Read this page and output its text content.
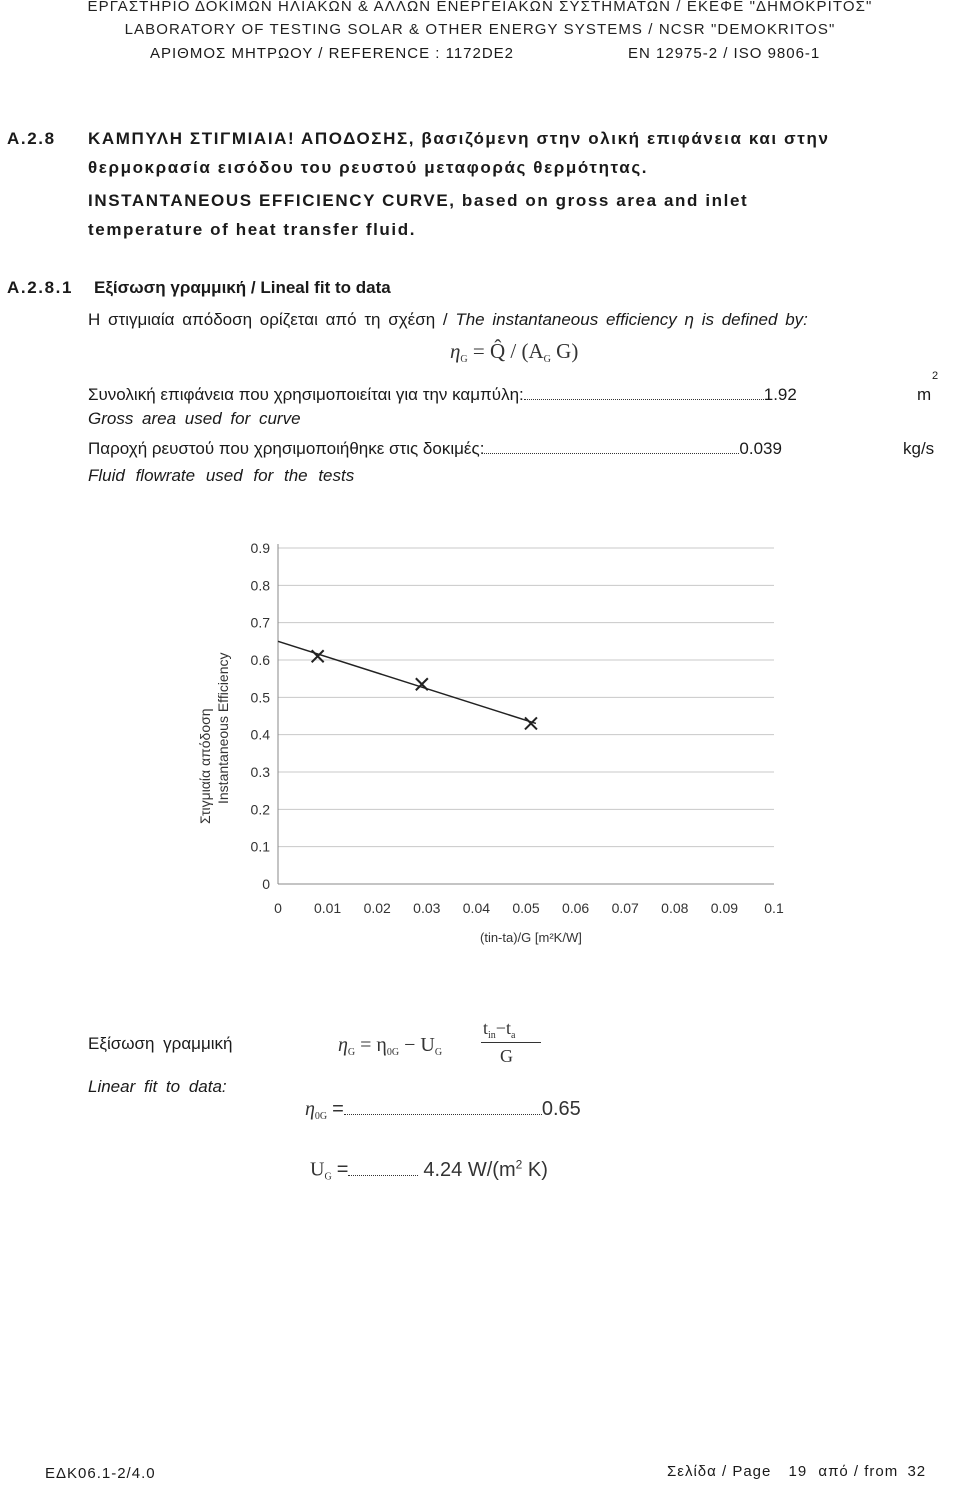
ΕΡΓΑΣΤΗΡΙΟ ΔΟΚΙΜΩΝ ΗΛΙΑΚΩΝ & ΑΛΛΩΝ ΕΝΕΡΓΕΙΑΚΩΝ ΣΥΣΤΗΜΑΤΩΝ / ΕΚΕΦΕ "ΔΗΜΟΚΡΙΤΟΣ"
LABORATORY OF TESTING SOLAR & OTHER ENERGY SYSTEMS / NCSR "DEMOKRITOS"
ΑΡΙΘΜΟΣ ΜΗΤΡΩΟΥ / REFERENCE : 1172DE2	EN 12975-2 / ISO 9806-1
A.2.8 ΚΑΜΠΥΛΗ ΣΤΙΓΜΙΑΙΑ! ΑΠΟΔΟΣΗΣ, βασιζόμενη στην ολική επιφάνεια και στην
θερμοκρασία εισόδου του ρευστού μεταφοράς θερμότητας.
INSTANTANEOUS EFFICIENCY CURVE, based on gross area and inlet
temperature of heat transfer fluid.
A.2.8.1 Εξίσωση γραμμική / Lineal fit to data
Η στιγμιαία απόδοση ορίζεται από τη σχέση / The instantaneous efficiency η is defined by:
$\eta_G$ = Q̂ / ($A_G$ G)
Συνολική επιφάνεια που χρησιμοποιείται για την καμπύλη:	1.92	m
2
Gross area used for curve
Παροχή ρευστού που χρησιμοποιήθηκε στις δοκιμές:	0.039	kg/s
Fluid flowrate used for the tests
0
0.1
0.2
0.3
0.4
0.5
0.6
0.7
0.8
0.9
0 0.01 0.02 0.03 0.04 0.05 0.06 0.07 0.08 0.09 0.1
Στιγμιαία απόδοση Instantaneous Efficiency
(tin-ta)/G [m²K/W]
Εξίσωση γραμμική
Linear fit to data:
$\eta_G = \eta_{0G} - U_G$
$t_{in}-t_a$
G
$\eta_{0G}$ =	0.65
$U_G$ =	4.24 $W/(m^2$ K)
ΕΔΚ06.1-2/4.0	Σελίδα / Page 19 από / from 32
